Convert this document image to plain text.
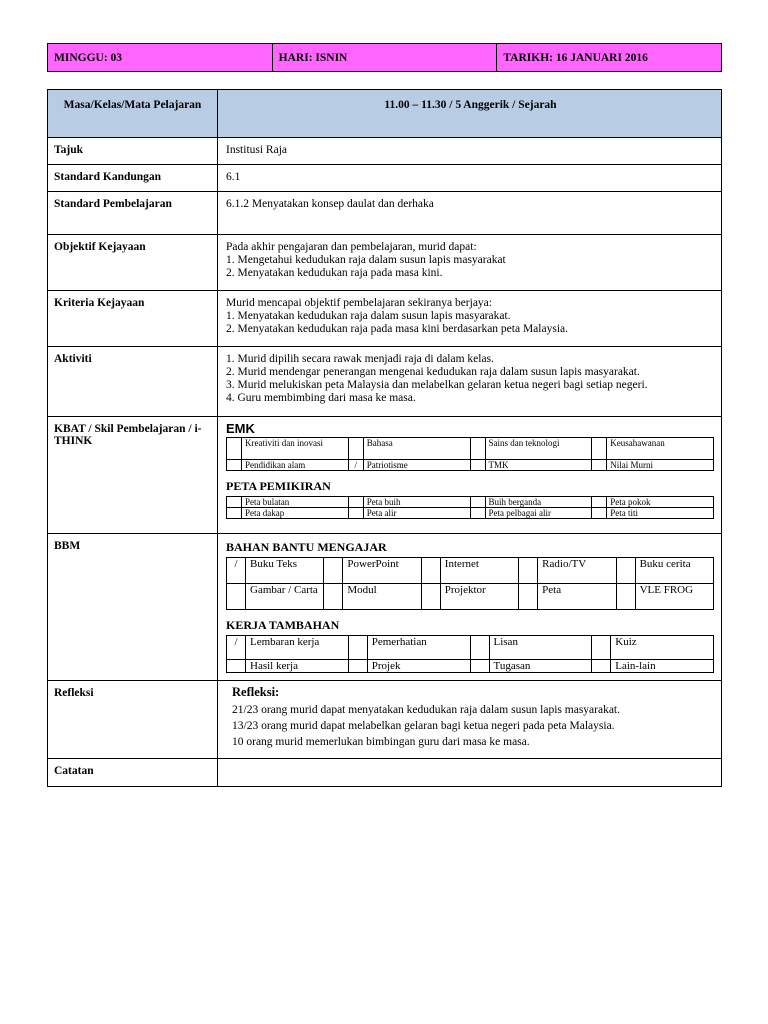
MINGGU: 03	HARI: ISNIN	TARIKH: 16 JANUARI 2016
Masa/Kelas/Mata Pelajaran	11.00 – 11.30 / 5 Anggerik / Sejarah
Tajuk	Institusi Raja
Standard Kandungan	6.1
Standard Pembelajaran	6.1.2 Menyatakan konsep daulat dan derhaka
Objektif Kejayaan	Pada akhir pengajaran dan pembelajaran, murid dapat:
1. Mengetahui kedudukan raja dalam susun lapis masyarakat
2. Menyatakan kedudukan raja pada masa kini.

Kriteria Kejayaan	Murid mencapai objektif pembelajaran sekiranya berjaya:
1. Menyatakan kedudukan raja dalam susun lapis masyarakat.
2. Menyatakan kedudukan raja pada masa kini berdasarkan peta Malaysia.

Aktiviti	1. Murid dipilih secara rawak menjadi raja di dalam kelas.
2. Murid mendengar penerangan mengenai kedudukan raja dalam susun lapis masyarakat.
3. Murid melukiskan peta Malaysia dan melabelkan gelaran ketua negeri bagi setiap negeri.
4. Guru membimbing dari masa ke masa.

KBAT / Skil Pembelajaran / i-THINK	
EMK
	Kreativiti dan inovasi		Bahasa		Sains dan teknologi		Keusahawanan
	Pendidikan alam	/	Patriotisme		TMK		Nilai Murni
PETA PEMIKIRAN
	Peta bulatan		Peta buih		Buih berganda		Peta pokok
	Peta dakap		Peta alir		Peta pelbagai alir		Peta titi

BBM	BAHAN BANTU MENGAJAR
/	Buku Teks		PowerPoint		Internet		Radio/TV		Buku cerita
	Gambar / Carta		Modul		Projektor		Peta		VLE FROG
KERJA TAMBAHAN
/	Lembaran kerja		Pemerhatian		Lisan		Kuiz
	Hasil kerja		Projek		Tugasan		Lain-lain

Refleksi	Refleksi:
21/23 orang murid dapat menyatakan kedudukan raja dalam susun lapis masyarakat.
13/23 orang murid dapat melabelkan gelaran bagi ketua negeri pada peta Malaysia.
10 orang murid memerlukan bimbingan guru dari masa ke masa.

Catatan	
